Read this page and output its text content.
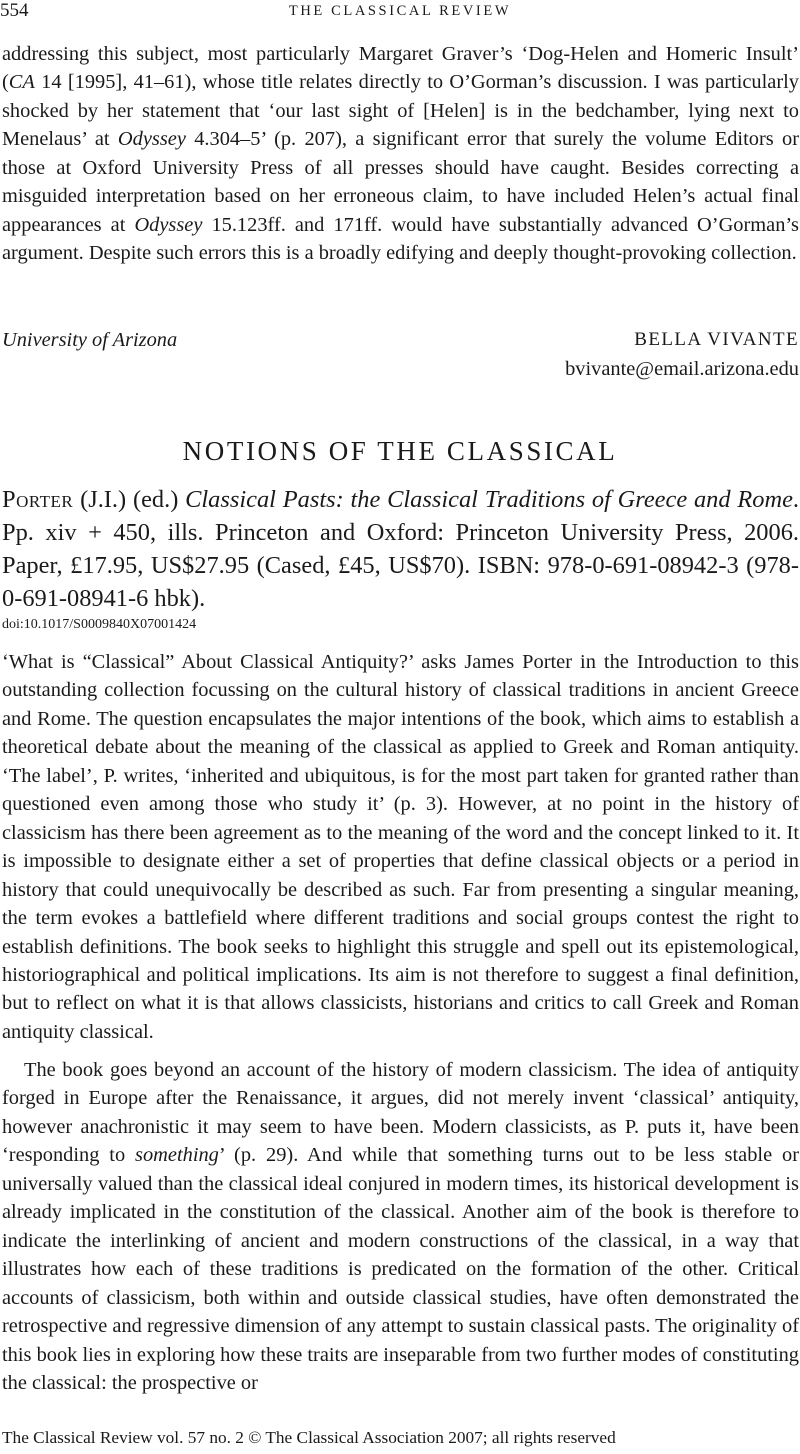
554	THE CLASSICAL REVIEW

addressing this subject, most particularly Margaret Graver’s ‘Dog-Helen and Homeric Insult’ (CA 14 [1995], 41–61), whose title relates directly to O’Gorman’s discussion. I was particularly shocked by her statement that ‘our last sight of [Helen] is in the bedchamber, lying next to Menelaus’ at Odyssey 4.304–5’ (p. 207), a significant error that surely the volume Editors or those at Oxford University Press of all presses should have caught. Besides correcting a misguided interpretation based on her erroneous claim, to have included Helen’s actual final appearances at Odyssey 15.123ff. and 171ff. would have substantially advanced O’Gorman’s argument. Despite such errors this is a broadly edifying and deeply thought-provoking collection.

University of Arizona	BELLA VIVANTE
bvivante@email.arizona.edu
NOTIONS OF THE CLASSICAL
Porter (J.I.) (ed.) Classical Pasts: the Classical Traditions of Greece and Rome. Pp. xiv + 450, ills. Princeton and Oxford: Princeton University Press, 2006. Paper, £17.95, US$27.95 (Cased, £45, US$70). ISBN: 978-0-691-08942-3 (978-0-691-08941-6 hbk).
doi:10.1017/S0009840X07001424

‘What is “Classical” About Classical Antiquity?’ asks James Porter in the Introduction to this outstanding collection focussing on the cultural history of classical traditions in ancient Greece and Rome. The question encapsulates the major intentions of the book, which aims to establish a theoretical debate about the meaning of the classical as applied to Greek and Roman antiquity. ‘The label’, P. writes, ‘inherited and ubiquitous, is for the most part taken for granted rather than questioned even among those who study it’ (p. 3). However, at no point in the history of classicism has there been agreement as to the meaning of the word and the concept linked to it. It is impossible to designate either a set of properties that define classical objects or a period in history that could unequivocally be described as such. Far from presenting a singular meaning, the term evokes a battlefield where different traditions and social groups contest the right to establish definitions. The book seeks to highlight this struggle and spell out its epistemological, historiographical and political implications. Its aim is not therefore to suggest a final definition, but to reflect on what it is that allows classicists, historians and critics to call Greek and Roman antiquity classical.

The book goes beyond an account of the history of modern classicism. The idea of antiquity forged in Europe after the Renaissance, it argues, did not merely invent ‘classical’ antiquity, however anachronistic it may seem to have been. Modern classicists, as P. puts it, have been ‘responding to something’ (p. 29). And while that something turns out to be less stable or universally valued than the classical ideal conjured in modern times, its historical development is already implicated in the constitution of the classical. Another aim of the book is therefore to indicate the interlinking of ancient and modern constructions of the classical, in a way that illustrates how each of these traditions is predicated on the formation of the other. Critical accounts of classicism, both within and outside classical studies, have often demonstrated the retrospective and regressive dimension of any attempt to sustain classical pasts. The originality of this book lies in exploring how these traits are inseparable from two further modes of constituting the classical: the prospective or

The Classical Review vol. 57 no. 2 © The Classical Association 2007; all rights reserved
